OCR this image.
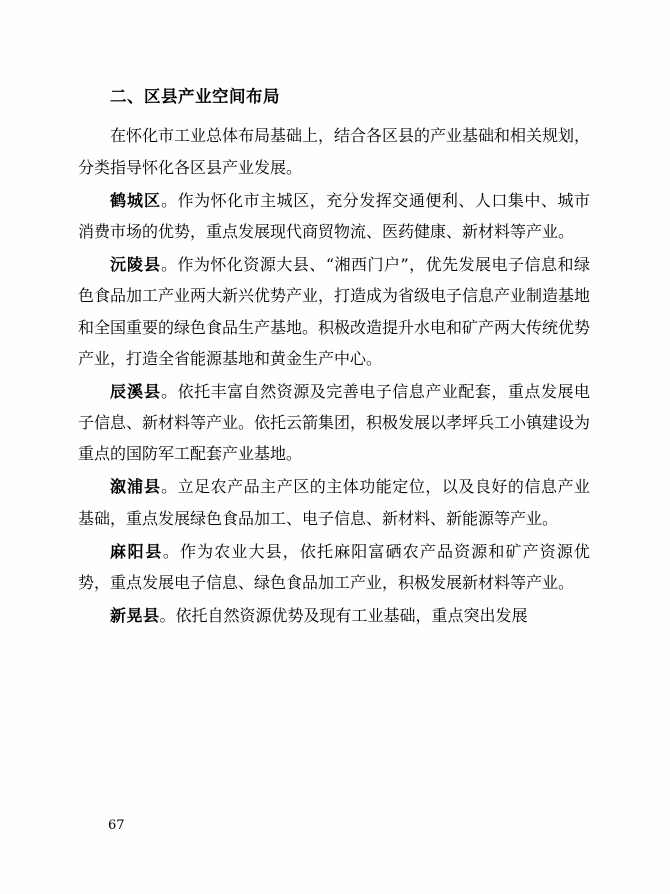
二、区县产业空间布局

在怀化市工业总体布局基础上，结合各区县的产业基础和相关规划，分类指导怀化各区县产业发展。

鹤城区。作为怀化市主城区，充分发挥交通便利、人口集中、城市消费市场的优势，重点发展现代商贸物流、医药健康、新材料等产业。

沅陵县。作为怀化资源大县、“湘西门户”，优先发展电子信息和绿色食品加工产业两大新兴优势产业，打造成为省级电子信息产业制造基地和全国重要的绿色食品生产基地。积极改造提升水电和矿产两大传统优势产业，打造全省能源基地和黄金生产中心。

辰溪县。依托丰富自然资源及完善电子信息产业配套，重点发展电子信息、新材料等产业。依托云箭集团，积极发展以孝坪兵工小镇建设为重点的国防军工配套产业基地。

溆浦县。立足农产品主产区的主体功能定位，以及良好的信息产业基础，重点发展绿色食品加工、电子信息、新材料、新能源等产业。

麻阳县。作为农业大县，依托麻阳富硒农产品资源和矿产资源优势，重点发展电子信息、绿色食品加工产业，积极发展新材料等产业。

新晃县。依托自然资源优势及现有工业基础，重点突出发展

67
